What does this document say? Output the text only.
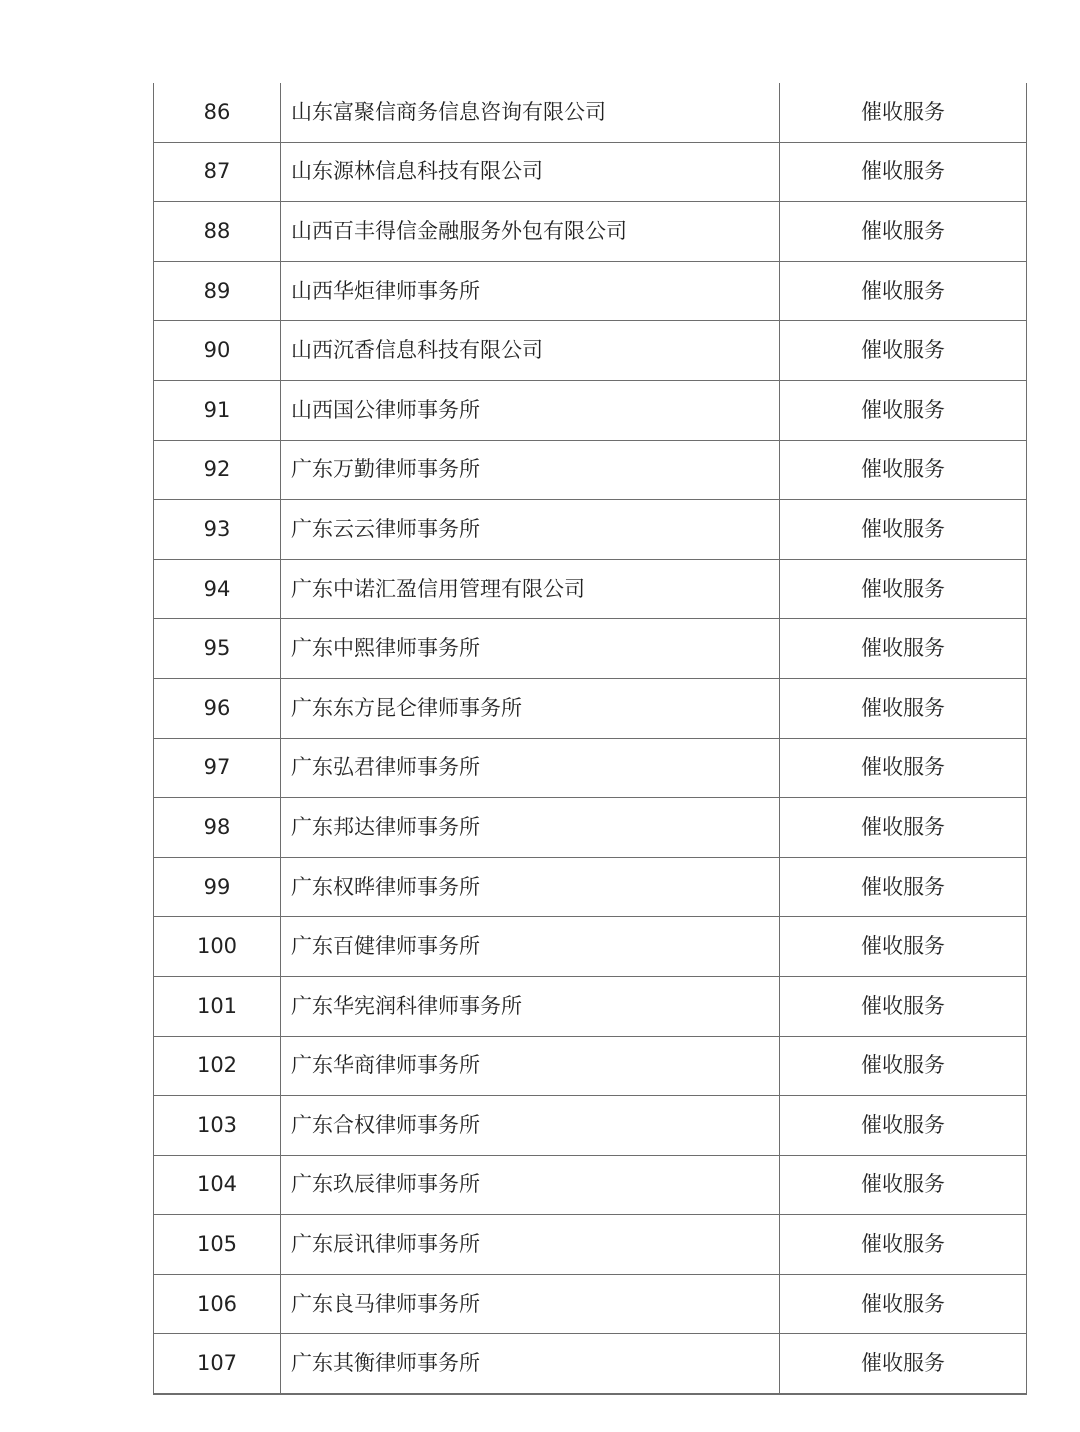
86	山东富聚信商务信息咨询有限公司	催收服务
87	山东源林信息科技有限公司	催收服务
88	山西百丰得信金融服务外包有限公司	催收服务
89	山西华炬律师事务所	催收服务
90	山西沉香信息科技有限公司	催收服务
91	山西国公律师事务所	催收服务
92	广东万勤律师事务所	催收服务
93	广东云云律师事务所	催收服务
94	广东中诺汇盈信用管理有限公司	催收服务
95	广东中熙律师事务所	催收服务
96	广东东方昆仑律师事务所	催收服务
97	广东弘君律师事务所	催收服务
98	广东邦达律师事务所	催收服务
99	广东权晔律师事务所	催收服务
100	广东百健律师事务所	催收服务
101	广东华宪润科律师事务所	催收服务
102	广东华商律师事务所	催收服务
103	广东合权律师事务所	催收服务
104	广东玖辰律师事务所	催收服务
105	广东辰讯律师事务所	催收服务
106	广东良马律师事务所	催收服务
107	广东其衡律师事务所	催收服务
